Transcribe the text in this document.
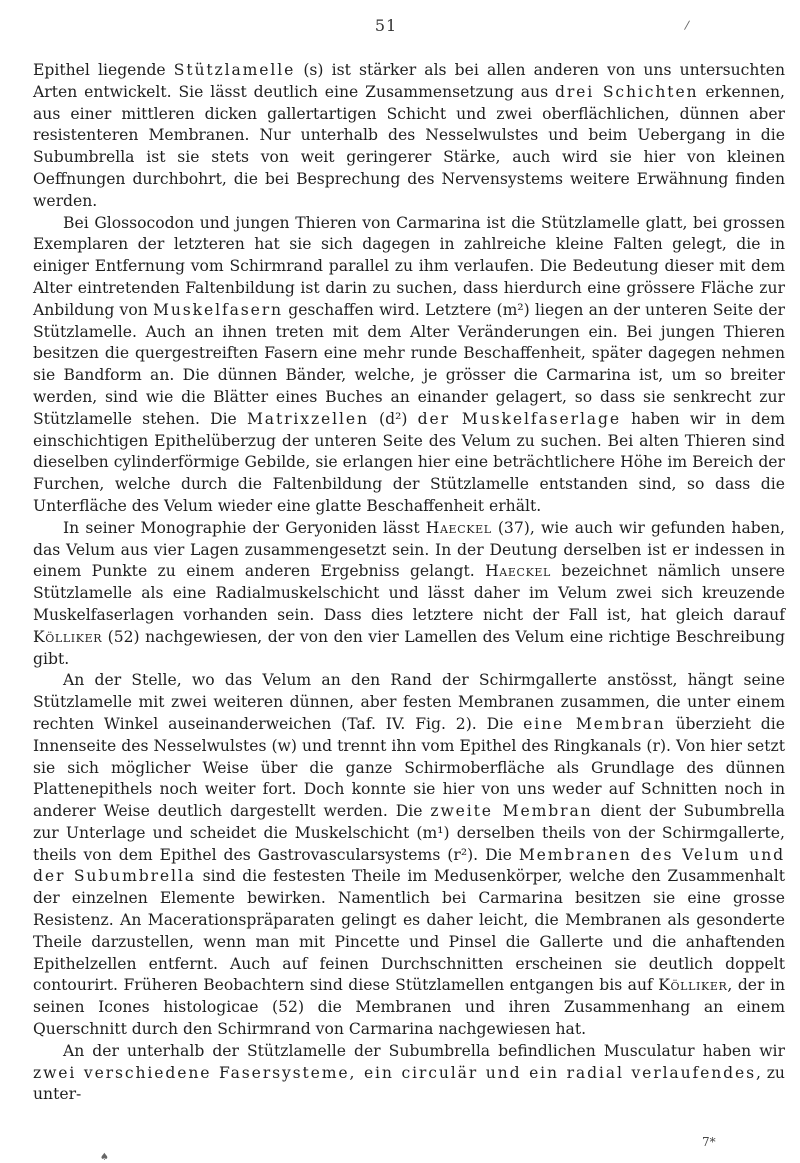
51	/

Epithel liegende Stützlamelle (s) ist stärker als bei allen anderen von uns untersuchten Arten entwickelt. Sie lässt deutlich eine Zusammensetzung aus drei Schichten erkennen, aus einer mittleren dicken gallertartigen Schicht und zwei oberflächlichen, dünnen aber resistenteren Membranen. Nur unterhalb des Nesselwulstes und beim Uebergang in die Subumbrella ist sie stets von weit geringerer Stärke, auch wird sie hier von kleinen Oeffnungen durchbohrt, die bei Besprechung des Nervensystems weitere Erwähnung finden werden.

Bei Glossocodon und jungen Thieren von Carmarina ist die Stützlamelle glatt, bei grossen Exemplaren der letzteren hat sie sich dagegen in zahlreiche kleine Falten gelegt, die in einiger Entfernung vom Schirmrand parallel zu ihm verlaufen. Die Bedeutung dieser mit dem Alter eintretenden Faltenbildung ist darin zu suchen, dass hierdurch eine grössere Fläche zur Anbildung von Muskelfasern geschaffen wird. Letztere (m²) liegen an der unteren Seite der Stützlamelle. Auch an ihnen treten mit dem Alter Veränderungen ein. Bei jungen Thieren besitzen die quergestreiften Fasern eine mehr runde Beschaffenheit, später dagegen nehmen sie Bandform an. Die dünnen Bänder, welche, je grösser die Carmarina ist, um so breiter werden, sind wie die Blätter eines Buches an einander gelagert, so dass sie senkrecht zur Stützlamelle stehen. Die Matrixzellen (d²) der Muskelfaserlage haben wir in dem einschichtigen Epithelüberzug der unteren Seite des Velum zu suchen. Bei alten Thieren sind dieselben cylinderförmige Gebilde, sie erlangen hier eine beträchtlichere Höhe im Bereich der Furchen, welche durch die Faltenbildung der Stützlamelle entstanden sind, so dass die Unterfläche des Velum wieder eine glatte Beschaffenheit erhält.

In seiner Monographie der Geryoniden lässt Haeckel (37), wie auch wir gefunden haben, das Velum aus vier Lagen zusammengesetzt sein. In der Deutung derselben ist er indessen in einem Punkte zu einem anderen Ergebniss gelangt. Haeckel bezeichnet nämlich unsere Stützlamelle als eine Radialmuskelschicht und lässt daher im Velum zwei sich kreuzende Muskelfaserlagen vorhanden sein. Dass dies letztere nicht der Fall ist, hat gleich darauf Kölliker (52) nachgewiesen, der von den vier Lamellen des Velum eine richtige Beschreibung gibt.

An der Stelle, wo das Velum an den Rand der Schirmgallerte anstösst, hängt seine Stützlamelle mit zwei weiteren dünnen, aber festen Membranen zusammen, die unter einem rechten Winkel auseinanderweichen (Taf. IV. Fig. 2). Die eine Membran überzieht die Innenseite des Nesselwulstes (w) und trennt ihn vom Epithel des Ringkanals (r). Von hier setzt sie sich möglicher Weise über die ganze Schirmoberfläche als Grundlage des dünnen Plattenepithels noch weiter fort. Doch konnte sie hier von uns weder auf Schnitten noch in anderer Weise deutlich dargestellt werden. Die zweite Membran dient der Subumbrella zur Unterlage und scheidet die Muskelschicht (m¹) derselben theils von der Schirmgallerte, theils von dem Epithel des Gastrovascularsystems (r²). Die Membranen des Velum und der Subumbrella sind die festesten Theile im Medusenkörper, welche den Zusammenhalt der einzelnen Elemente bewirken. Namentlich bei Carmarina besitzen sie eine grosse Resistenz. An Macerationspräparaten gelingt es daher leicht, die Membranen als gesonderte Theile darzustellen, wenn man mit Pincette und Pinsel die Gallerte und die anhaftenden Epithelzellen entfernt. Auch auf feinen Durchschnitten erscheinen sie deutlich doppelt contourirt. Früheren Beobachtern sind diese Stützlamellen entgangen bis auf Kölliker, der in seinen Icones histologicae (52) die Membranen und ihren Zusammenhang an einem Querschnitt durch den Schirmrand von Carmarina nachgewiesen hat.

An der unterhalb der Stützlamelle der Subumbrella befindlichen Musculatur haben wir zwei verschiedene Fasersysteme, ein circulär und ein radial verlaufendes, zu unter-

7*
♠
